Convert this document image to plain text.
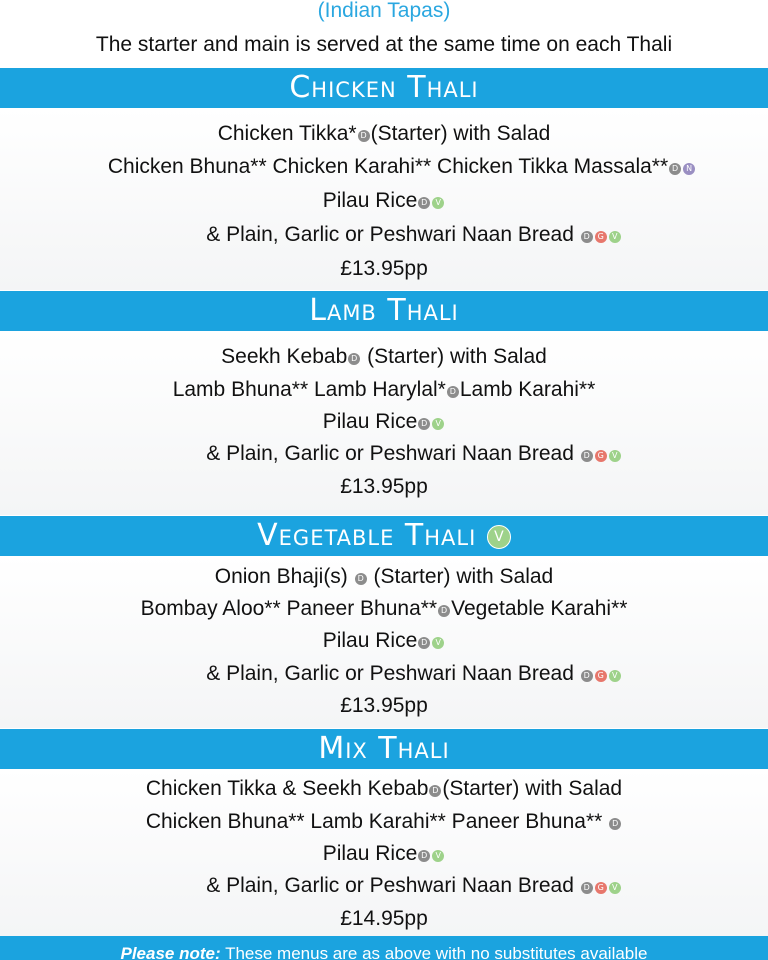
(Indian Tapas)
The starter and main is served at the same time on each Thali
Chicken Thali
Chicken Tikka* D (Starter) with Salad
Chicken Bhuna** Chicken Karahi** Chicken Tikka Massala** D N
Pilau Rice D V
& Plain, Garlic or Peshwari Naan Bread D G V
£13.95pp
Lamb Thali
Seekh Kebab D (Starter) with Salad
Lamb Bhuna** Lamb Harylal* D Lamb Karahi**
Pilau Rice D V
& Plain, Garlic or Peshwari Naan Bread D G V
£13.95pp
Vegetable Thali V
Onion Bhaji(s) D (Starter) with Salad
Bombay Aloo** Paneer Bhuna** D Vegetable Karahi**
Pilau Rice D V
& Plain, Garlic or Peshwari Naan Bread D G V
£13.95pp
Mix Thali
Chicken Tikka & Seekh Kebab D (Starter) with Salad
Chicken Bhuna** Lamb Karahi** Paneer Bhuna** D
Pilau Rice D V
& Plain, Garlic or Peshwari Naan Bread D G V
£14.95pp
Please note: These menus are as above with no substitutes available
